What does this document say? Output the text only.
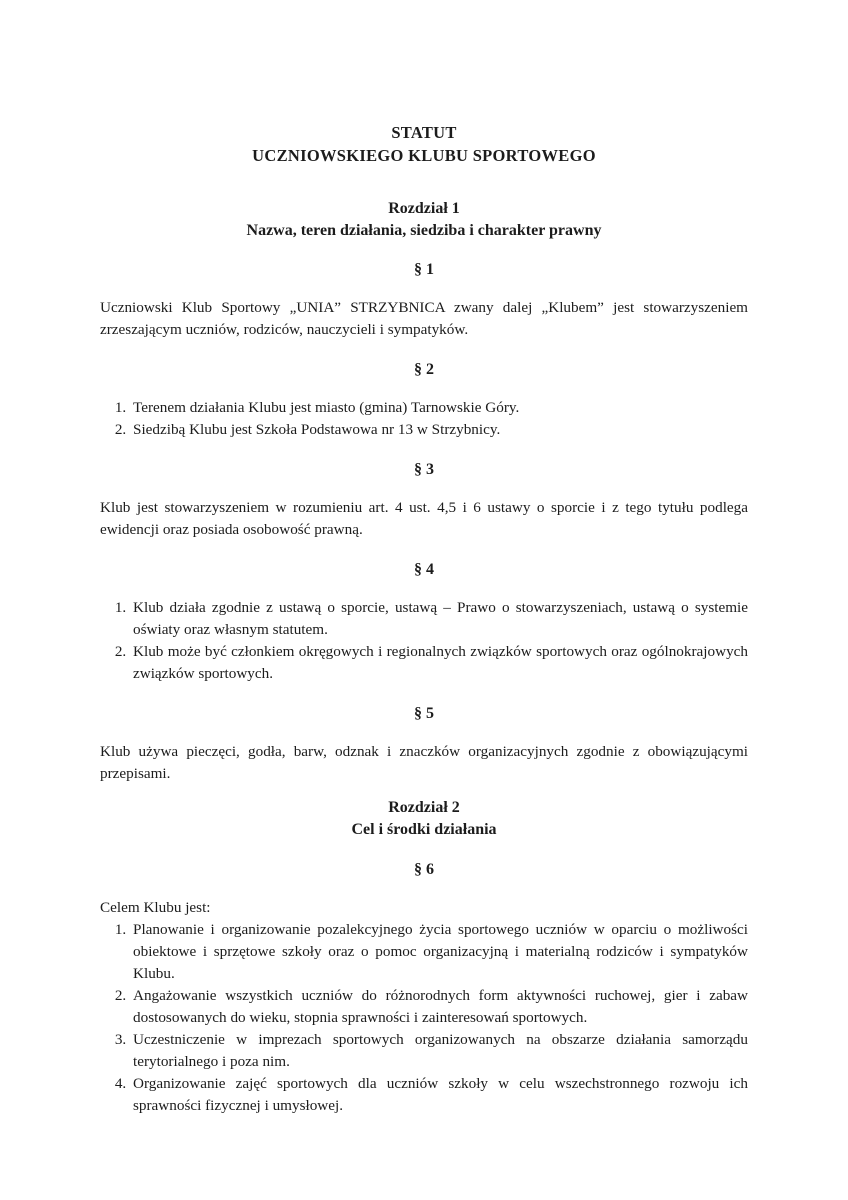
STATUT
UCZNIOWSKIEGO KLUBU SPORTOWEGO
Rozdział 1
Nazwa, teren działania, siedziba i charakter prawny
§ 1

Uczniowski Klub Sportowy „UNIA” STRZYBNICA zwany dalej „Klubem” jest stowarzyszeniem zrzeszającym uczniów, rodziców, nauczycieli i sympatyków.

§ 2
1. Terenem działania Klubu jest miasto (gmina) Tarnowskie Góry.
2. Siedzibą Klubu jest Szkoła Podstawowa nr 13 w Strzybnicy.
§ 3

Klub jest stowarzyszeniem w rozumieniu art. 4 ust. 4,5 i 6 ustawy o sporcie i z tego tytułu podlega ewidencji oraz posiada osobowość prawną.

§ 4
1. Klub działa zgodnie z ustawą o sporcie, ustawą – Prawo o stowarzyszeniach, ustawą o systemie oświaty oraz własnym statutem.
2. Klub może być członkiem okręgowych i regionalnych związków sportowych oraz ogólnokrajowych związków sportowych.
§ 5

Klub używa pieczęci, godła, barw, odznak i znaczków organizacyjnych zgodnie z obowiązującymi przepisami.

Rozdział 2
Cel i środki działania
§ 6

Celem Klubu jest:

1. Planowanie i organizowanie pozalekcyjnego życia sportowego uczniów w oparciu o możliwości obiektowe i sprzętowe szkoły oraz o pomoc organizacyjną i materialną rodziców i sympatyków Klubu.
2. Angażowanie wszystkich uczniów do różnorodnych form aktywności ruchowej, gier i zabaw dostosowanych do wieku, stopnia sprawności i zainteresowań sportowych.
3. Uczestniczenie w imprezach sportowych organizowanych na obszarze działania samorządu terytorialnego i poza nim.
4. Organizowanie zajęć sportowych dla uczniów szkoły w celu wszechstronnego rozwoju ich sprawności fizycznej i umysłowej.
